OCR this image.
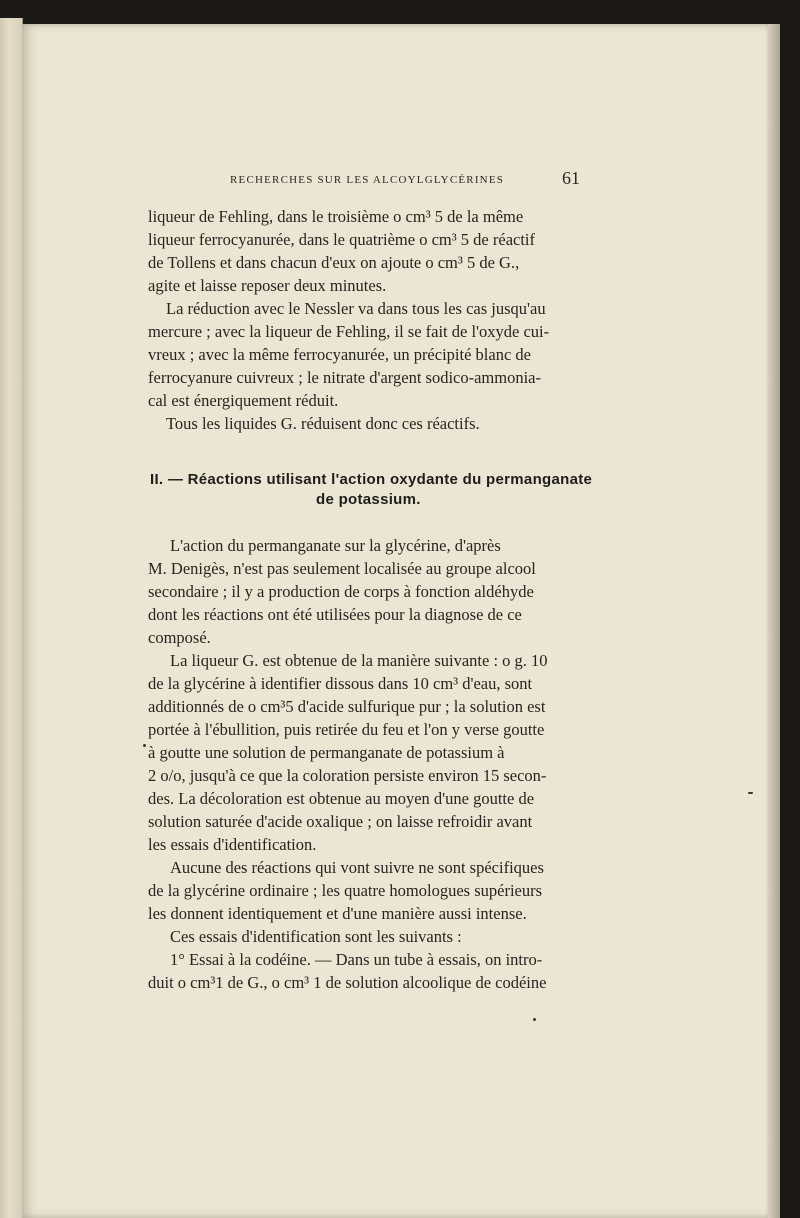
RECHERCHES SUR LES ALCOYLGLYCÉRINES	61
liqueur de Fehling, dans le troisième o cm³ 5 de la même
liqueur ferrocyanurée, dans le quatrième o cm³ 5 de réactif
de Tollens et dans chacun d'eux on ajoute o cm³ 5 de G.,
agite et laisse reposer deux minutes.
La réduction avec le Nessler va dans tous les cas jusqu'au
mercure ; avec la liqueur de Fehling, il se fait de l'oxyde cui-
vreux ; avec la même ferrocyanurée, un précipité blanc de
ferrocyanure cuivreux ; le nitrate d'argent sodico-ammonia-
cal est énergiquement réduit.
Tous les liquides G. réduisent donc ces réactifs.
II. — Réactions utilisant l'action oxydante du permanganate
de potassium.
L'action du permanganate sur la glycérine, d'après
M. Denigès, n'est pas seulement localisée au groupe alcool
secondaire ; il y a production de corps à fonction aldéhyde
dont les réactions ont été utilisées pour la diagnose de ce
composé.
La liqueur G. est obtenue de la manière suivante : o g. 10
de la glycérine à identifier dissous dans 10 cm³ d'eau, sont
additionnés de o cm³5 d'acide sulfurique pur ; la solution est
portée à l'ébullition, puis retirée du feu et l'on y verse goutte
à goutte une solution de permanganate de potassium à
2 o/o, jusqu'à ce que la coloration persiste environ 15 secon-
des. La décoloration est obtenue au moyen d'une goutte de
solution saturée d'acide oxalique ; on laisse refroidir avant
les essais d'identification.
Aucune des réactions qui vont suivre ne sont spécifiques
de la glycérine ordinaire ; les quatre homologues supérieurs
les donnent identiquement et d'une manière aussi intense.
Ces essais d'identification sont les suivants :
1° Essai à la codéine. — Dans un tube à essais, on intro-
duit o cm³1 de G., o cm³ 1 de solution alcoolique de codéine
